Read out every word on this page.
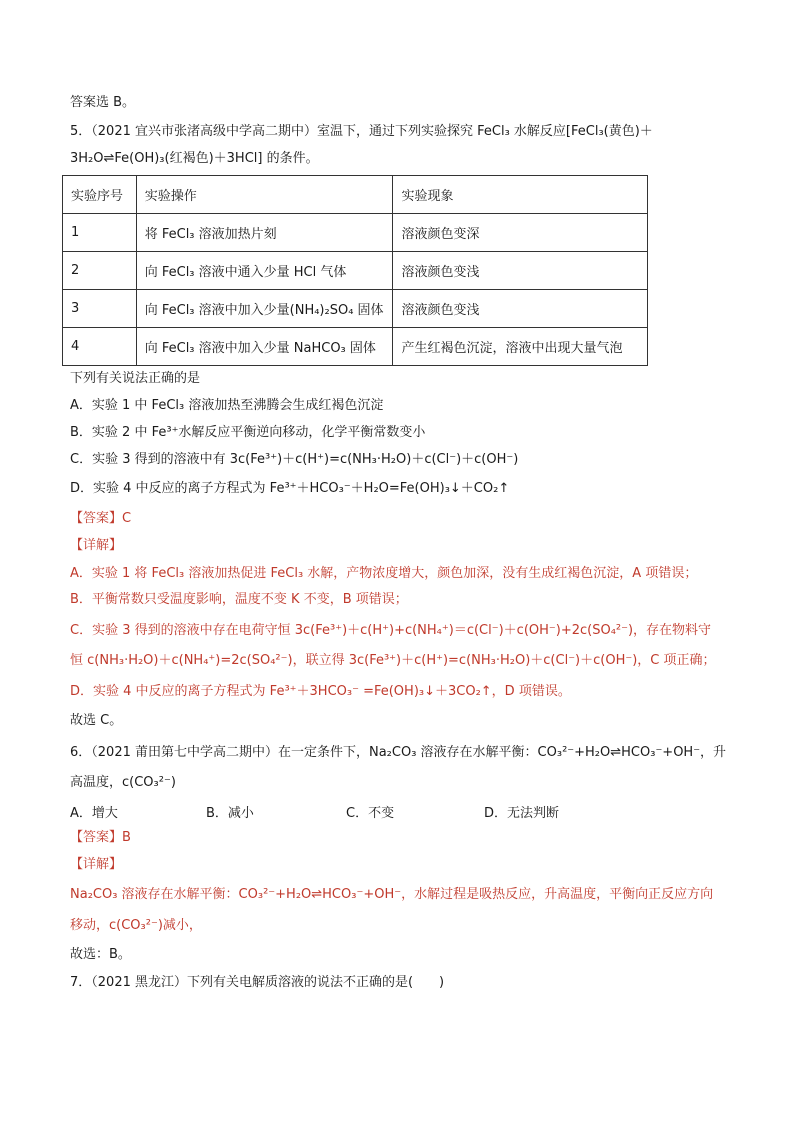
答案选 B。
5．（2021 宜兴市张渚高级中学高二期中）室温下，通过下列实验探究 FeCl₃ 水解反应[FeCl₃(黄色)＋
3H₂O⇌Fe(OH)₃(红褐色)＋3HCl] 的条件。
实验序号	实验操作	实验现象
1	将 FeCl₃ 溶液加热片刻	溶液颜色变深
2	向 FeCl₃ 溶液中通入少量 HCl 气体	溶液颜色变浅
3	向 FeCl₃ 溶液中加入少量(NH₄)₂SO₄ 固体	溶液颜色变浅
4	向 FeCl₃ 溶液中加入少量 NaHCO₃ 固体	产生红褐色沉淀，溶液中出现大量气泡
下列有关说法正确的是
A．实验 1 中 FeCl₃ 溶液加热至沸腾会生成红褐色沉淀
B．实验 2 中 Fe³⁺水解反应平衡逆向移动，化学平衡常数变小
C．实验 3 得到的溶液中有 3c(Fe³⁺)＋c(H⁺)=c(NH₃·H₂O)＋c(Cl⁻)＋c(OH⁻)
D．实验 4 中反应的离子方程式为 Fe³⁺＋HCO₃⁻＋H₂O=Fe(OH)₃↓＋CO₂↑
【答案】C
【详解】
A．实验 1 将 FeCl₃ 溶液加热促进 FeCl₃ 水解，产物浓度增大，颜色加深，没有生成红褐色沉淀，A 项错误；
B．平衡常数只受温度影响，温度不变 K 不变，B 项错误；
C．实验 3 得到的溶液中存在电荷守恒 3c(Fe³⁺)＋c(H⁺)+c(NH₄⁺)＝c(Cl⁻)＋c(OH⁻)+2c(SO₄²⁻)，存在物料守
恒 c(NH₃·H₂O)＋c(NH₄⁺)=2c(SO₄²⁻)，联立得 3c(Fe³⁺)＋c(H⁺)=c(NH₃·H₂O)＋c(Cl⁻)＋c(OH⁻)，C 项正确；
D．实验 4 中反应的离子方程式为 Fe³⁺＋3HCO₃⁻ =Fe(OH)₃↓＋3CO₂↑，D 项错误。
故选 C。
6．（2021 莆田第七中学高二期中）在一定条件下，Na₂CO₃ 溶液存在水解平衡：CO₃²⁻+H₂O⇌HCO₃⁻+OH⁻，升
高温度，c(CO₃²⁻)
A．增大	B．减小	C．不变	D．无法判断
【答案】B
【详解】
Na₂CO₃ 溶液存在水解平衡：CO₃²⁻+H₂O⇌HCO₃⁻+OH⁻，水解过程是吸热反应，升高温度，平衡向正反应方向
移动，c(CO₃²⁻)减小，
故选：B。
7．（2021 黑龙江）下列有关电解质溶液的说法不正确的是(　　)
